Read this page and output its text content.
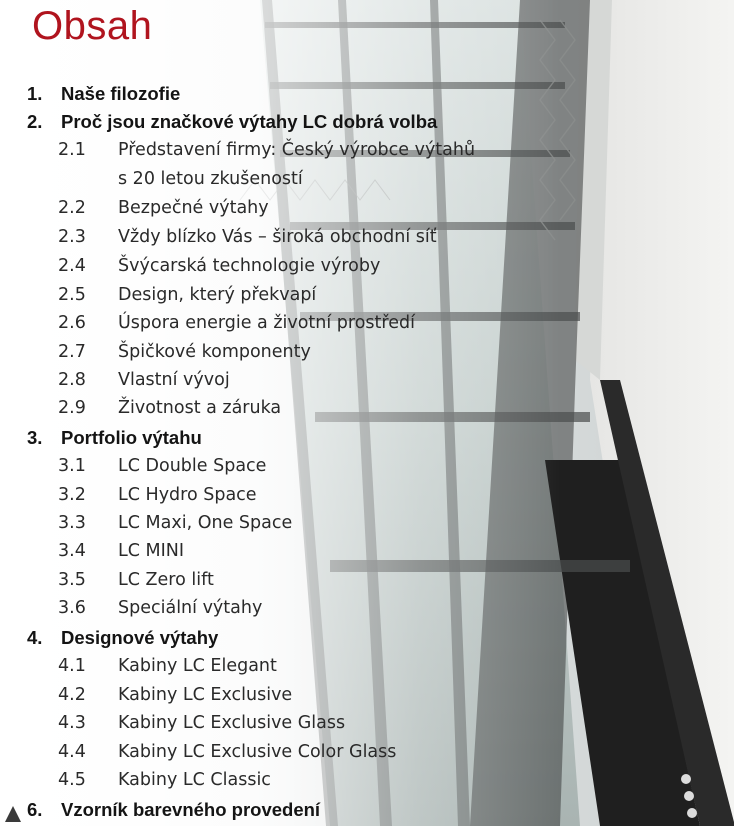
Obsah
1. Naše filozofie
2. Proč jsou značkové výtahy LC dobrá volba
2.1 Představení firmy: Český výrobce výtahů
s 20 letou zkušeností
2.2 Bezpečné výtahy
2.3 Vždy blízko Vás – široká obchodní síť
2.4 Švýcarská technologie výroby
2.5 Design, který překvapí
2.6 Úspora energie a životní prostředí
2.7 Špičkové komponenty
2.8 Vlastní vývoj
2.9 Životnost a záruka
3. Portfolio výtahu
3.1 LC Double Space
3.2 LC Hydro Space
3.3 LC Maxi, One Space
3.4 LC MINI
3.5 LC Zero lift
3.6 Speciální výtahy
4. Designové výtahy
4.1 Kabiny LC Elegant
4.2 Kabiny LC Exclusive
4.3 Kabiny LC Exclusive Glass
4.4 Kabiny LC Exclusive Color Glass
4.5 Kabiny LC Classic
6. Vzorník barevného provedení
